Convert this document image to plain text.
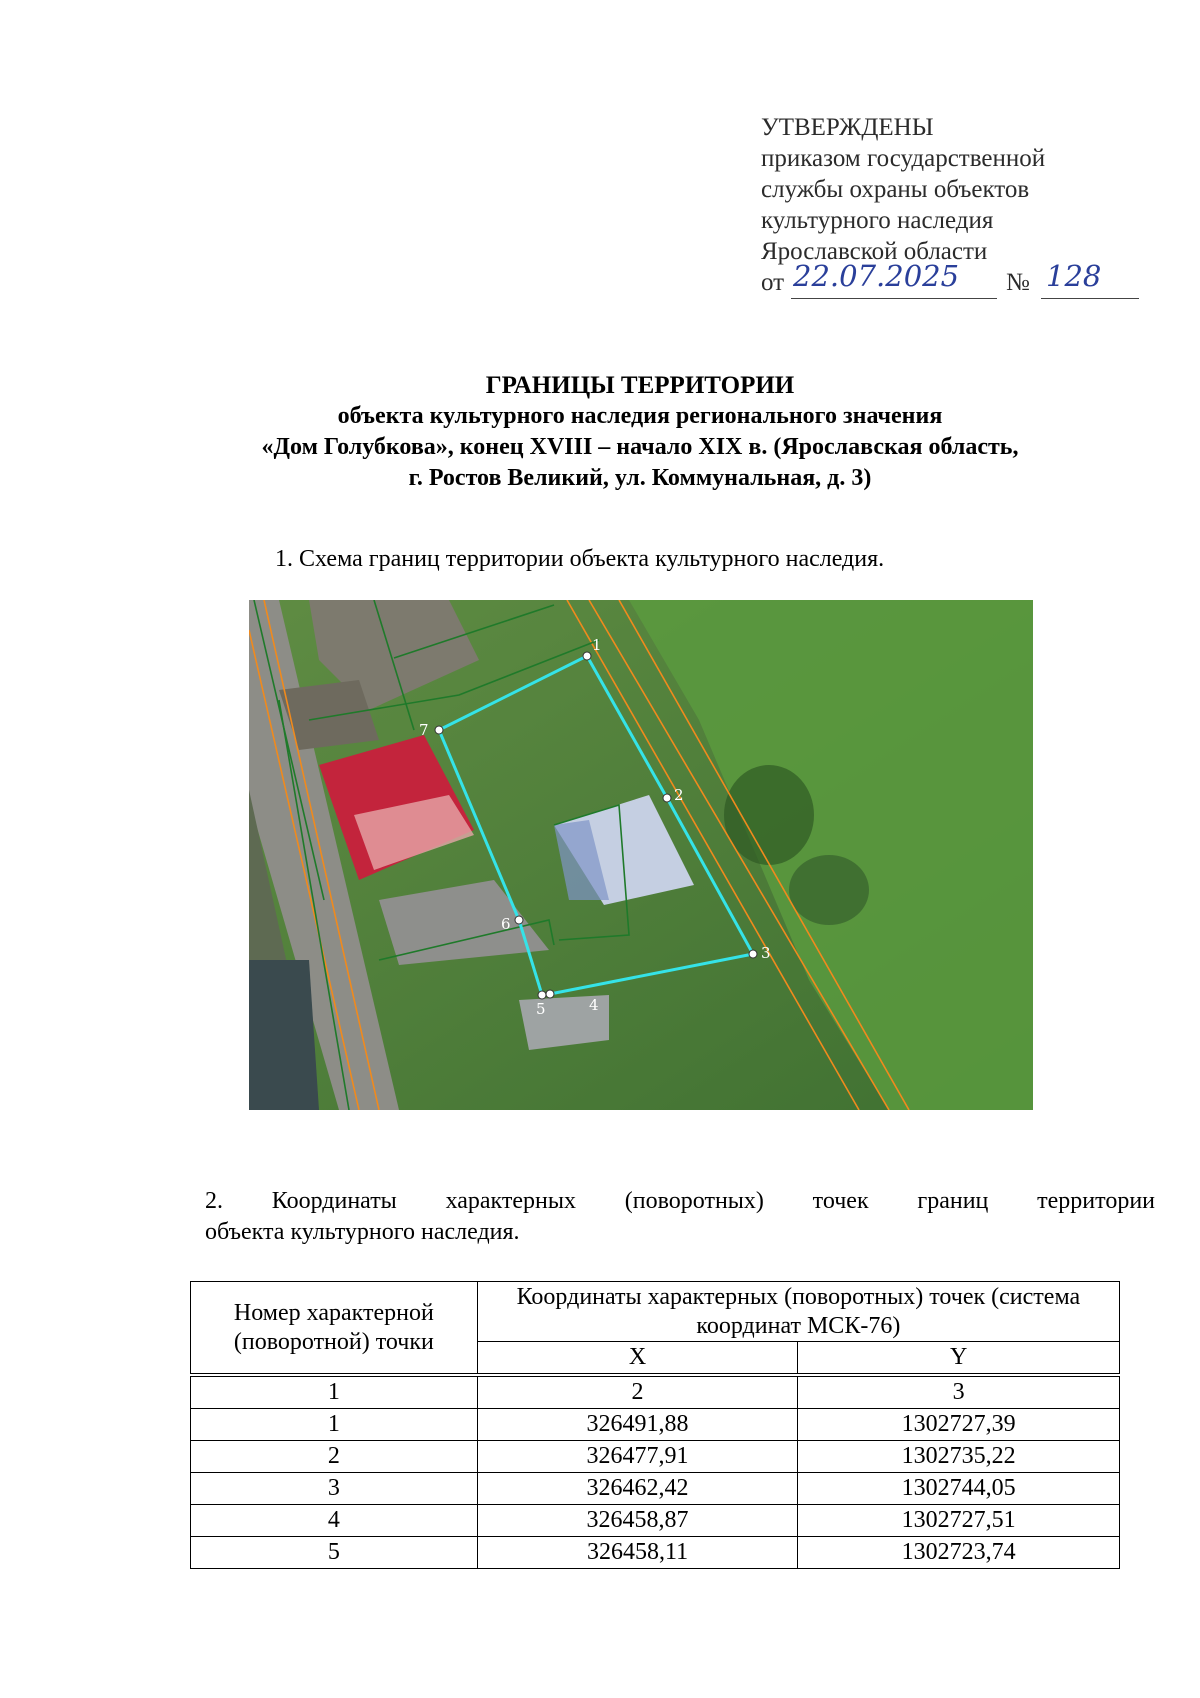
УТВЕРЖДЕНЫ
приказом государственной
службы охраны объектов
культурного наследия
Ярославской области
от 22.07.2025 № 128
ГРАНИЦЫ ТЕРРИТОРИИ
объекта культурного наследия регионального значения
«Дом Голубкова», конец XVIII – начало XIX в. (Ярославская область,
г. Ростов Великий, ул. Коммунальная, д. 3)
1. Схема границ территории объекта культурного наследия.
1
2
3
4
5
6
7
2. Координаты характерных (поворотных) точек границ территории
объекта культурного наследия.
Номер характерной (поворотной) точки	Координаты характерных (поворотных) точек (система координат МСК-76)	
	X	Y
1	2	3
1	326491,88	1302727,39
2	326477,91	1302735,22
3	326462,42	1302744,05
4	326458,87	1302727,51
5	326458,11	1302723,74
